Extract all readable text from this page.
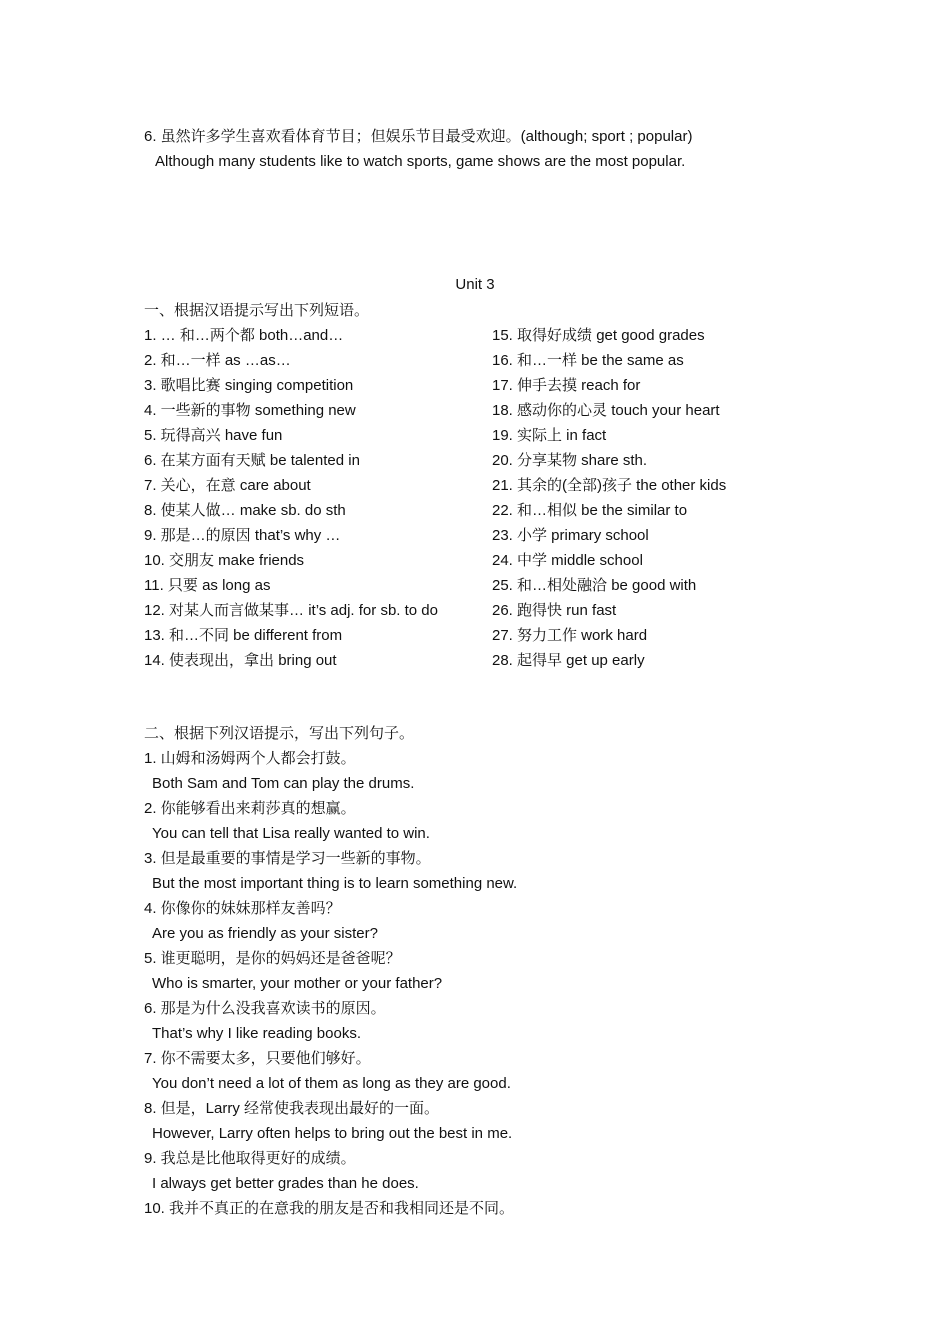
6. 虽然许多学生喜欢看体育节目；但娱乐节目最受欢迎。(although; sport ; popular)
Although many students like to watch sports, game shows are the most popular.
Unit 3
一、根据汉语提示写出下列短语。
1. … 和…两个都 both…and…
2. 和…一样 as …as…
3. 歌唱比赛 singing competition
4. 一些新的事物 something new
5. 玩得高兴 have fun
6. 在某方面有天赋 be talented in
7. 关心，在意 care about
8. 使某人做… make sb. do sth
9. 那是…的原因 that’s why …
10. 交朋友 make friends
11. 只要 as long as
12. 对某人而言做某事… it’s adj. for sb. to do
13. 和…不同 be different from
14. 使表现出，拿出 bring out
15. 取得好成绩 get good grades
16. 和…一样 be the same as
17. 伸手去摸 reach for
18. 感动你的心灵 touch your heart
19. 实际上 in fact
20. 分享某物 share sth.
21. 其余的(全部)孩子 the other kids
22. 和…相似 be the similar to
23. 小学 primary school
24. 中学 middle school
25. 和…相处融洽 be good with
26. 跑得快 run fast
27. 努力工作 work hard
28. 起得早 get up early
二、根据下列汉语提示，写出下列句子。
1. 山姆和汤姆两个人都会打鼓。
Both Sam and Tom can play the drums.
2. 你能够看出来莉莎真的想赢。
You can tell that Lisa really wanted to win.
3. 但是最重要的事情是学习一些新的事物。
But the most important thing is to learn something new.
4. 你像你的妹妹那样友善吗？
Are you as friendly as your sister?
5. 谁更聪明，是你的妈妈还是爸爸呢？
Who is smarter, your mother or your father?
6. 那是为什么没我喜欢读书的原因。
That’s why I like reading books.
7. 你不需要太多，只要他们够好。
You don’t need a lot of them as long as they are good.
8. 但是，Larry 经常使我表现出最好的一面。
However, Larry often helps to bring out the best in me.
9. 我总是比他取得更好的成绩。
I always get better grades than he does.
10. 我并不真正的在意我的朋友是否和我相同还是不同。
